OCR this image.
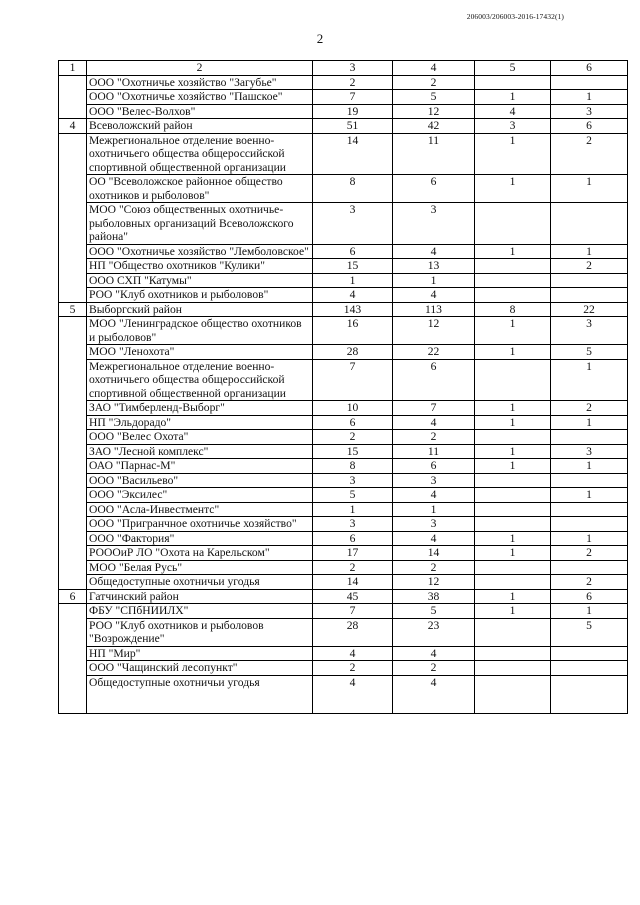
206003/206003-2016-17432(1)
2
1	2	3	4	5	6
	ООО "Охотничье хозяйство "Загубье"	2	2		
	ООО "Охотничье хозяйство "Пашское"	7	5	1	1
	ООО "Велес-Волхов"	19	12	4	3
4	Всеволожский район	51	42	3	6
	Межрегиональное отделение военно-охотничьего общества общероссийской спортивной общественной организации	14	11	1	2
	ОО "Всеволожское районное общество охотников и рыболовов"	8	6	1	1
	МОО "Союз общественных охотничье-рыболовных организаций Всеволожского района"	3	3		
	ООО "Охотничье хозяйство "Лемболовское"	6	4	1	1
	НП "Общество охотников "Кулики"	15	13		2
	ООО СХП "Катумы"	1	1		
	РОО "Клуб охотников и рыболовов"	4	4		
5	Выборгский район	143	113	8	22
	МОО "Ленинградское общество охотников и рыболовов"	16	12	1	3
	МОО "Ленохота"	28	22	1	5
	Межрегиональное отделение военно-охотничьего общества общероссийской спортивной общественной организации	7	6		1
	ЗАО "Тимберленд-Выборг"	10	7	1	2
	НП "Эльдорадо"	6	4	1	1
	ООО "Велес Охота"	2	2		
	ЗАО "Лесной комплекс"	15	11	1	3
	ОАО "Парнас-М"	8	6	1	1
	ООО "Васильево"	3	3		
	ООО "Эксилес"	5	4		1
	ООО "Асла-Инвестментс"	1	1		
	ООО "Пригранчное охотничье хозяйство"	3	3		
	ООО "Фактория"	6	4	1	1
	РОООиР ЛО "Охота на Карельском"	17	14	1	2
	МОО "Белая Русь"	2	2		
	Общедоступные охотничьи угодья	14	12		2
6	Гатчинский район	45	38	1	6
	ФБУ "СПбНИИЛХ"	7	5	1	1
	РОО "Клуб охотников и рыболовов "Возрождение"	28	23		5
	НП "Мир"	4	4		
	ООО "Чащинский лесопункт"	2	2		
	Общедоступные охотничьи угодья	4	4		
